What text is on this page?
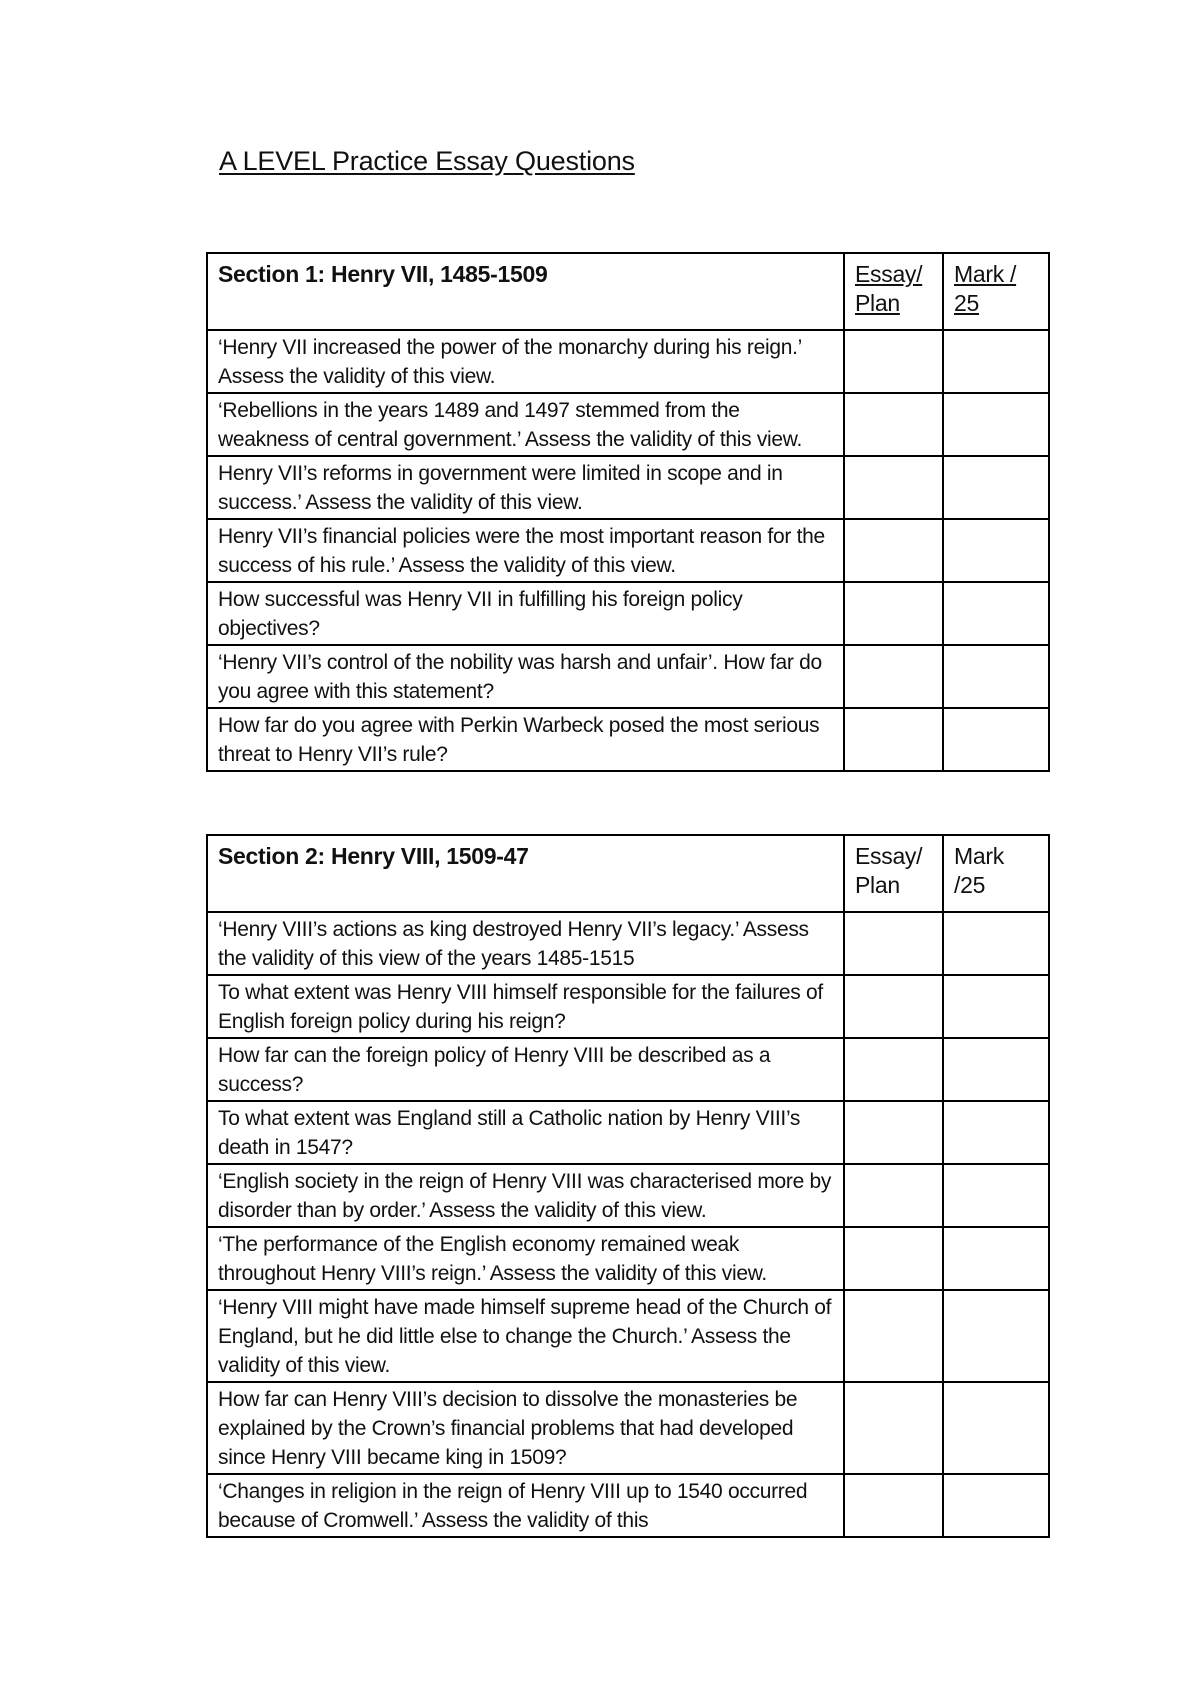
A LEVEL Practice Essay Questions
Section 1: Henry VII, 1485-1509	Essay/ Plan	Mark / 25
‘Henry VII increased the power of the monarchy during his reign.’ Assess the validity of this view.		
‘Rebellions in the years 1489 and 1497 stemmed from the weakness of central government.’ Assess the validity of this view.		
Henry VII’s reforms in government were limited in scope and in success.’ Assess the validity of this view.		
Henry VII’s financial policies were the most important reason for the success of his rule.’ Assess the validity of this view.		
How successful was Henry VII in fulfilling his foreign policy objectives?		
‘Henry VII’s control of the nobility was harsh and unfair’. How far do you agree with this statement?		
How far do you agree with Perkin Warbeck posed the most serious threat to Henry VII’s rule?		
Section 2: Henry VIII, 1509-47	Essay/ Plan	Mark /25
‘Henry VIII’s actions as king destroyed Henry VII’s legacy.’ Assess the validity of this view of the years 1485-1515		
To what extent was Henry VIII himself responsible for the failures of English foreign policy during his reign?		
How far can the foreign policy of Henry VIII be described as a success?		
To what extent was England still a Catholic nation by Henry VIII’s death in 1547?		
‘English society in the reign of Henry VIII was characterised more by disorder than by order.’ Assess the validity of this view.		
‘The performance of the English economy remained weak throughout Henry VIII’s reign.’ Assess the validity of this view.		
‘Henry VIII might have made himself supreme head of the Church of England, but he did little else to change the Church.’ Assess the validity of this view.		
How far can Henry VIII’s decision to dissolve the monasteries be explained by the Crown’s financial problems that had developed since Henry VIII became king in 1509?		
‘Changes in religion in the reign of Henry VIII up to 1540 occurred because of Cromwell.’ Assess the validity of this		
